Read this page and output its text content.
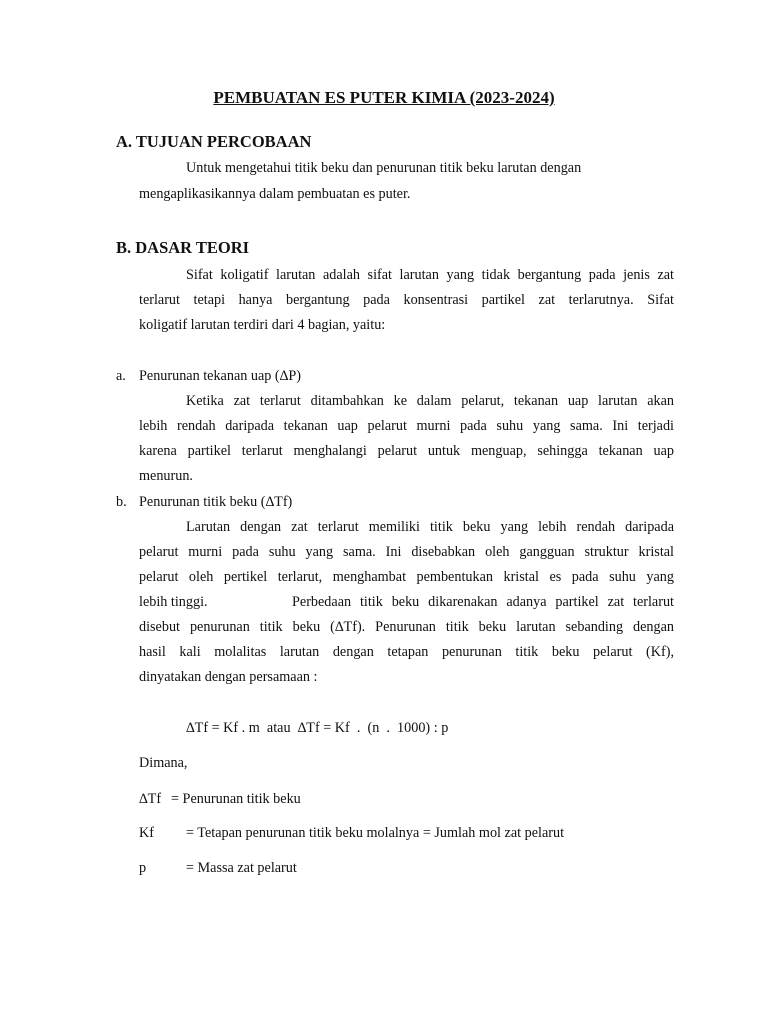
PEMBUATAN ES PUTER KIMIA (2023-2024)
A. TUJUAN PERCOBAAN
Untuk mengetahui titik beku dan penurunan titik beku larutan dengan
mengaplikasikannya dalam pembuatan es puter.
B. DASAR TEORI
Sifat koligatif larutan adalah sifat larutan yang tidak bergantung pada jenis zat
terlarut tetapi hanya bergantung pada konsentrasi partikel zat terlarutnya. Sifat
koligatif larutan terdiri dari 4 bagian, yaitu:
a. Penurunan tekanan uap (∆P)
Ketika zat terlarut ditambahkan ke dalam pelarut, tekanan uap larutan akan
lebih rendah daripada tekanan uap pelarut murni pada suhu yang sama. Ini terjadi
karena partikel terlarut menghalangi pelarut untuk menguap, sehingga tekanan uap
menurun.
b. Penurunan titik beku (∆Tf)
Larutan dengan zat terlarut memiliki titik beku yang lebih rendah daripada
pelarut murni pada suhu yang sama. Ini disebabkan oleh gangguan struktur kristal
pelarut oleh pertikel terlarut, menghambat pembentukan kristal es pada suhu yang
lebih tinggi.	Perbedaan titik beku dikarenakan adanya partikel zat terlarut
disebut penurunan titik beku (∆Tf). Penurunan titik beku larutan sebanding dengan
hasil kali molalitas larutan dengan tetapan penurunan titik beku pelarut (Kf),
dinyatakan dengan persamaan :
∆Tf = Kf . m  atau  ∆Tf = Kf  .  (n  .  1000) : p
Dimana,
∆Tf = Penurunan titik beku
Kf = Tetapan penurunan titik beku molalnya = Jumlah mol zat pelarut
p	= Massa zat pelarut
